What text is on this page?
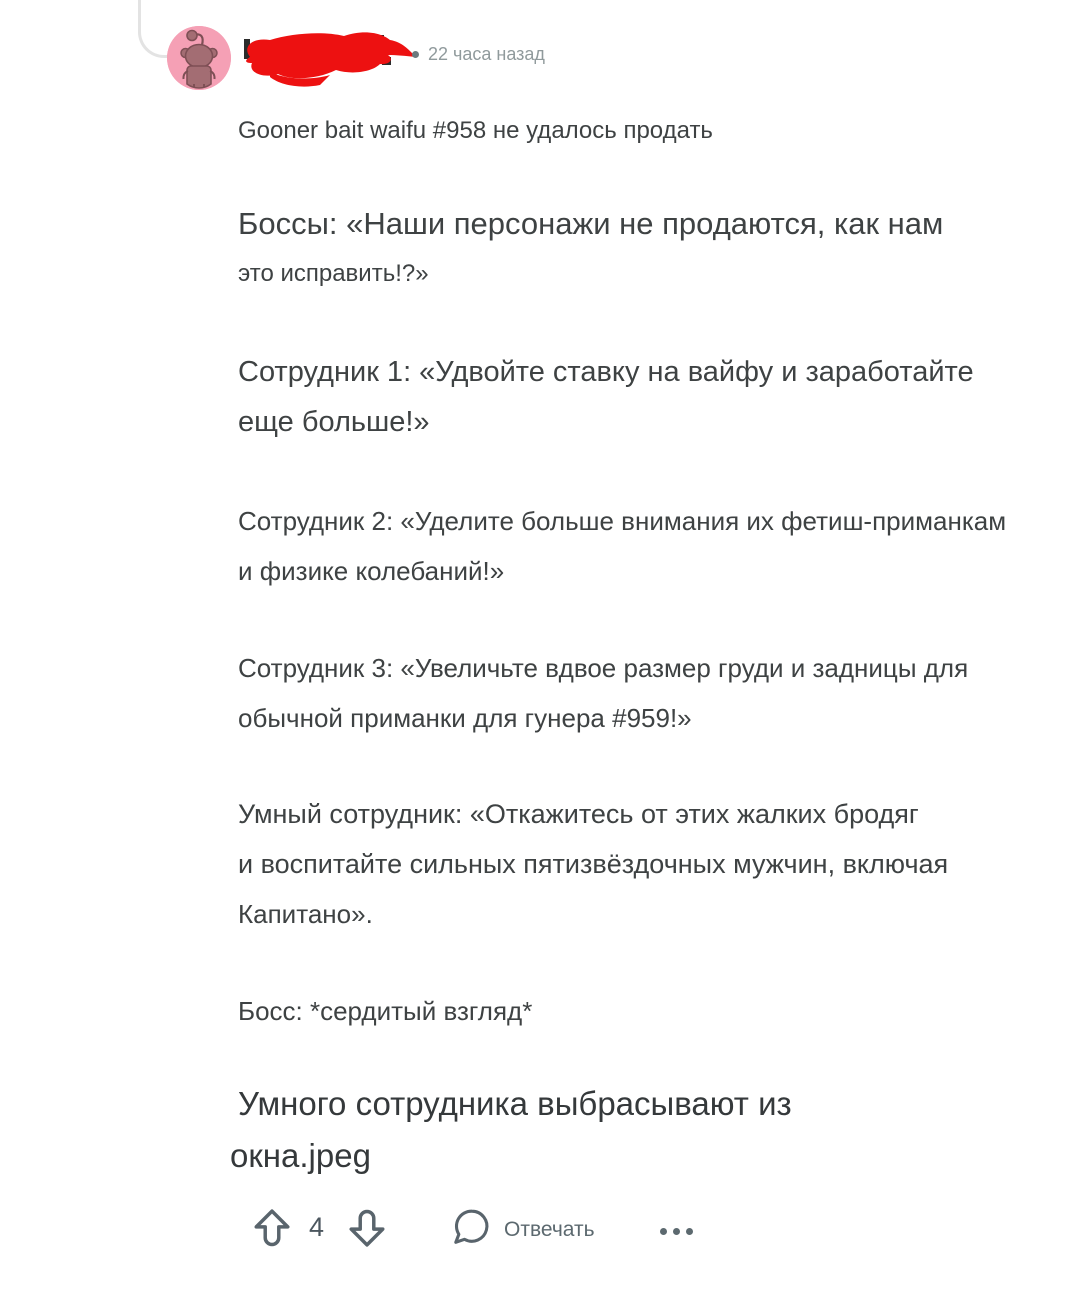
22 часа назад
Gooner bait waifu #958 не удалось продать
Боссы: «Наши персонажи не продаются, как нам
это исправить!?»
Сотрудник 1: «Удвойте ставку на вайфу и заработайте
еще больше!»
Сотрудник 2: «Уделите больше внимания их фетиш-приманкам
и физике колебаний!»
Сотрудник 3: «Увеличьте вдвое размер груди и задницы для
обычной приманки для гунера #959!»
Умный сотрудник: «Откажитесь от этих жалких бродяг
и воспитайте сильных пятизвёздочных мужчин, включая
Капитано».
Босс: *сердитый взгляд*
Умного сотрудника выбрасывают из
окна.jpeg
4	Отвечать
